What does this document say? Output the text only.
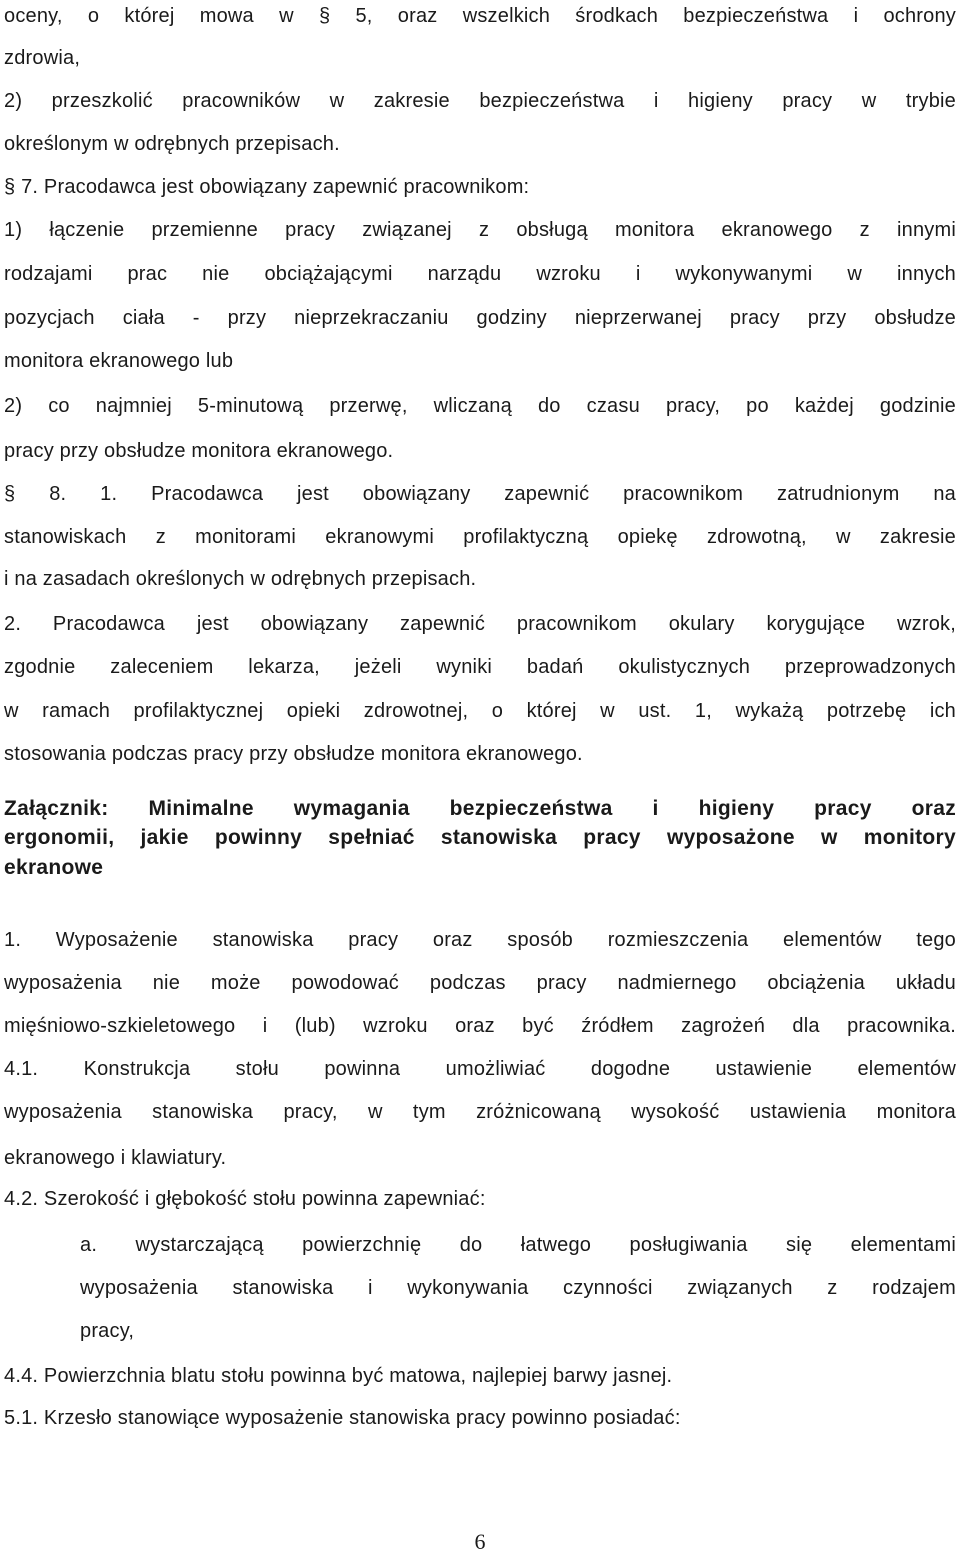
oceny, o której mowa w § 5, oraz wszelkich środkach bezpieczeństwa i ochrony
zdrowia,
2) przeszkolić pracowników w zakresie bezpieczeństwa i higieny pracy w trybie
określonym w odrębnych przepisach.
§ 7. Pracodawca jest obowiązany zapewnić pracownikom:
1) łączenie przemienne pracy związanej z obsługą monitora ekranowego z innymi
rodzajami prac nie obciążającymi narządu wzroku i wykonywanymi w innych
pozycjach ciała - przy nieprzekraczaniu godziny nieprzerwanej pracy przy obsłudze
monitora ekranowego lub
2) co najmniej 5-minutową przerwę, wliczaną do czasu pracy, po każdej godzinie
pracy przy obsłudze monitora ekranowego.
§ 8. 1. Pracodawca jest obowiązany zapewnić pracownikom zatrudnionym na
stanowiskach z monitorami ekranowymi profilaktyczną opiekę zdrowotną, w zakresie
i na zasadach określonych w odrębnych przepisach.
2. Pracodawca jest obowiązany zapewnić pracownikom okulary korygujące wzrok,
zgodnie zaleceniem lekarza, jeżeli wyniki badań okulistycznych przeprowadzonych
w ramach profilaktycznej opieki zdrowotnej, o której w ust. 1, wykażą potrzebę ich
stosowania podczas pracy przy obsłudze monitora ekranowego.
Załącznik: Minimalne wymagania bezpieczeństwa i higieny pracy oraz
ergonomii, jakie powinny spełniać stanowiska pracy wyposażone w monitory
ekranowe
1. Wyposażenie stanowiska pracy oraz sposób rozmieszczenia elementów tego
wyposażenia nie może powodować podczas pracy nadmiernego obciążenia układu
mięśniowo-szkieletowego i (lub) wzroku oraz być źródłem zagrożeń dla pracownika.
4.1. Konstrukcja stołu powinna umożliwiać dogodne ustawienie elementów
wyposażenia stanowiska pracy, w tym zróżnicowaną wysokość ustawienia monitora
ekranowego i klawiatury.
4.2. Szerokość i głębokość stołu powinna zapewniać:
a. wystarczającą powierzchnię do łatwego posługiwania się elementami
wyposażenia stanowiska i wykonywania czynności związanych z rodzajem
pracy,
4.4. Powierzchnia blatu stołu powinna być matowa, najlepiej barwy jasnej.
5.1. Krzesło stanowiące wyposażenie stanowiska pracy powinno posiadać:
6
